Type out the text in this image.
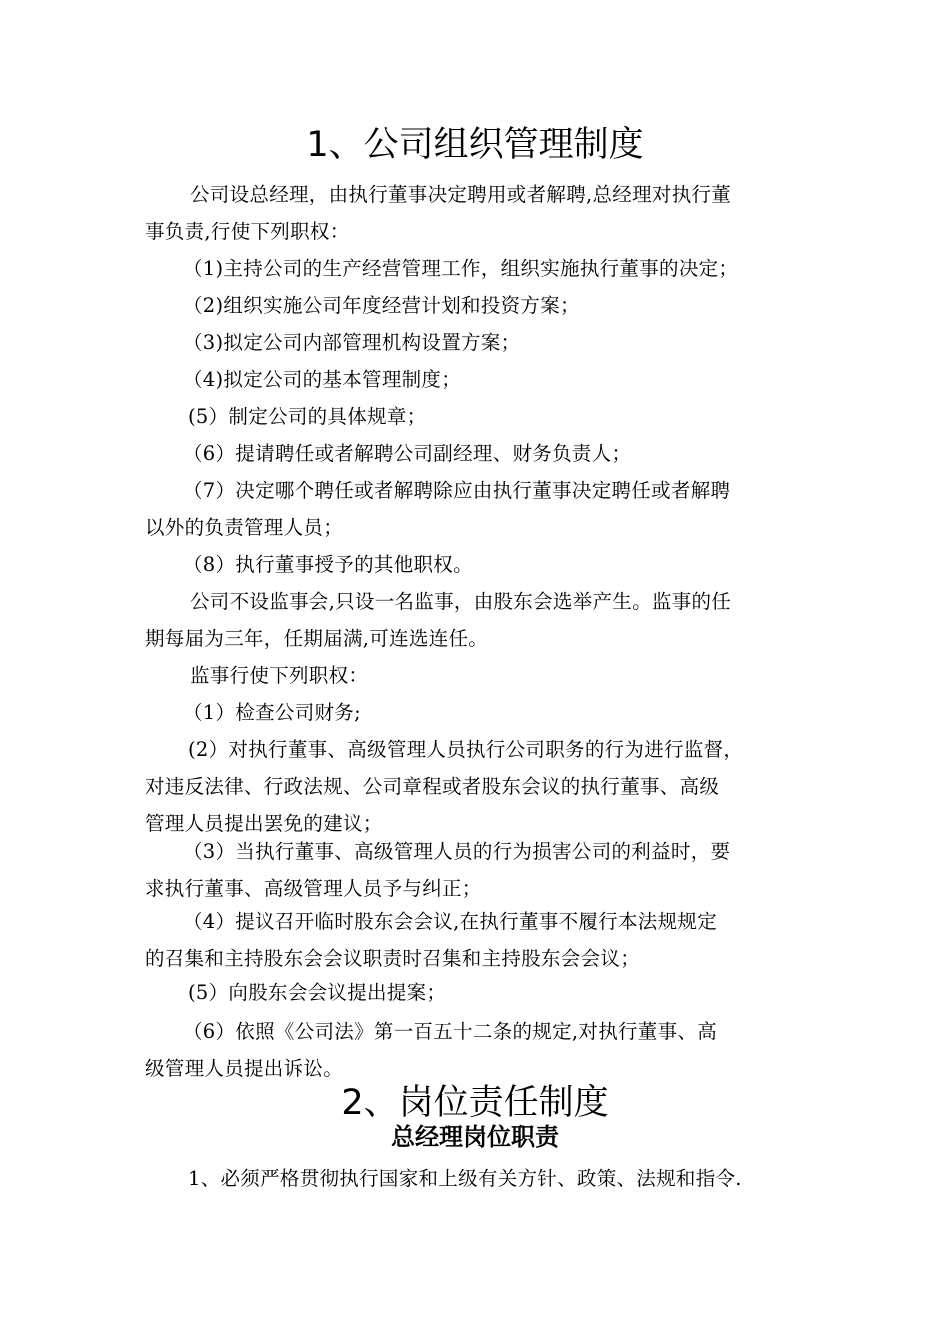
1、公司组织管理制度
公司设总经理，由执行董事决定聘用或者解聘,总经理对执行董
事负责,行使下列职权：
（1)主持公司的生产经营管理工作，组织实施执行董事的决定；
（2)组织实施公司年度经营计划和投资方案；
（3)拟定公司内部管理机构设置方案；
（4)拟定公司的基本管理制度；
(5）制定公司的具体规章；
（6）提请聘任或者解聘公司副经理、财务负责人；
（7）决定哪个聘任或者解聘除应由执行董事决定聘任或者解聘
以外的负责管理人员；
（8）执行董事授予的其他职权。
公司不设监事会,只设一名监事，由股东会选举产生。监事的任
期每届为三年，任期届满,可连选连任。
监事行使下列职权：
（1）检查公司财务;
(2）对执行董事、高级管理人员执行公司职务的行为进行监督，
对违反法律、行政法规、公司章程或者股东会议的执行董事、高级
管理人员提出罢免的建议；
（3）当执行董事、高级管理人员的行为损害公司的利益时，要
求执行董事、高级管理人员予与纠正；
（4）提议召开临时股东会会议,在执行董事不履行本法规规定
的召集和主持股东会会议职责时召集和主持股东会会议；
(5）向股东会会议提出提案；
（6）依照《公司法》第一百五十二条的规定,对执行董事、高
级管理人员提出诉讼。
2、岗位责任制度
总经理岗位职责
1、必须严格贯彻执行国家和上级有关方针、政策、法规和指令.
